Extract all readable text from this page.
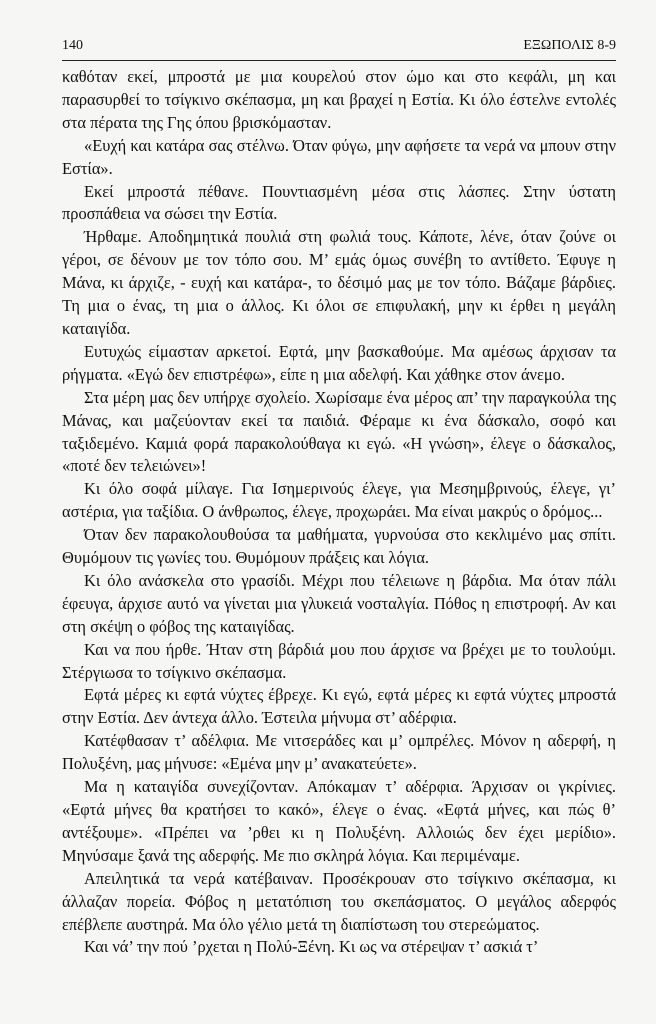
140	ΕΞΩΠΟΛΙΣ 8-9

καθόταν εκεί, μπροστά με μια κουρελού στον ώμο και στο κεφάλι, μη και παρασυρθεί το τσίγκινο σκέπασμα, μη και βραχεί η Εστία. Κι όλο έστελνε εντολές στα πέρατα της Γης όπου βρισκόμασταν.

«Ευχή και κατάρα σας στέλνω. Όταν φύγω, μην αφήσετε τα νερά να μπουν στην Εστία».

Εκεί μπροστά πέθανε. Πουντιασμένη μέσα στις λάσπες. Στην ύστατη προσπάθεια να σώσει την Εστία.

Ήρθαμε. Αποδημητικά πουλιά στη φωλιά τους. Κάποτε, λένε, όταν ζούνε οι γέροι, σε δένουν με τον τόπο σου. Μ’ εμάς όμως συνέβη το αντίθετο. Έφυγε η Μάνα, κι άρχιζε, - ευχή και κατάρα-, το δέσιμό μας με τον τόπο. Βάζαμε βάρδιες. Τη μια ο ένας, τη μια ο άλλος. Κι όλοι σε επιφυλακή, μην κι έρθει η μεγάλη καταιγίδα.

Ευτυχώς είμασταν αρκετοί. Εφτά, μην βασκαθούμε. Μα αμέσως άρχισαν τα ρήγματα. «Εγώ δεν επιστρέφω», είπε η μια αδελφή. Και χάθηκε στον άνεμο.

Στα μέρη μας δεν υπήρχε σχολείο. Χωρίσαμε ένα μέρος απ’ την παραγκούλα της Μάνας, και μαζεύονταν εκεί τα παιδιά. Φέραμε κι ένα δάσκαλο, σοφό και ταξιδεμένο. Καμιά φορά παρακολούθαγα κι εγώ. «Η γνώση», έλεγε ο δάσκαλος, «ποτέ δεν τελειώνει»!

Κι όλο σοφά μίλαγε. Για Ισημερινούς έλεγε, για Μεσημβρινούς, έλεγε, γι’ αστέρια, για ταξίδια. Ο άνθρωπος, έλεγε, προχωράει. Μα είναι μακρύς ο δρόμος...

Όταν δεν παρακολουθούσα τα μαθήματα, γυρνούσα στο κεκλιμένο μας σπίτι. Θυμόμουν τις γωνίες του. Θυμόμουν πράξεις και λόγια.

Κι όλο ανάσκελα στο γρασίδι. Μέχρι που τέλειωνε η βάρδια. Μα όταν πάλι έφευγα, άρχισε αυτό να γίνεται μια γλυκειά νοσταλγία. Πόθος η επιστροφή. Αν και στη σκέψη ο φόβος της καταιγίδας.

Και να που ήρθε. Ήταν στη βάρδιά μου που άρχισε να βρέχει με το τουλούμι. Στέργιωσα το τσίγκινο σκέπασμα.

Εφτά μέρες κι εφτά νύχτες έβρεχε. Κι εγώ, εφτά μέρες κι εφτά νύχτες μπροστά στην Εστία. Δεν άντεχα άλλο. Έστειλα μήνυμα στ’ αδέρφια.

Κατέφθασαν τ’ αδέλφια. Με νιτσεράδες και μ’ ομπρέλες. Μόνον η αδερφή, η Πολυξένη, μας μήνυσε: «Εμένα μην μ’ ανακατεύετε».

Μα η καταιγίδα συνεχίζονταν. Απόκαμαν τ’ αδέρφια. Άρχισαν οι γκρίνιες. «Εφτά μήνες θα κρατήσει το κακό», έλεγε ο ένας. «Εφτά μήνες, και πώς θ’ αντέξουμε». «Πρέπει να ’ρθει κι η Πολυξένη. Αλλοιώς δεν έχει μερίδιο». Μηνύσαμε ξανά της αδερφής. Με πιο σκληρά λόγια. Και περιμέναμε.

Απειλητικά τα νερά κατέβαιναν. Προσέκρουαν στο τσίγκινο σκέπασμα, κι άλλαζαν πορεία. Φόβος η μετατόπιση του σκεπάσματος. Ο μεγάλος αδερφός επέβλεπε αυστηρά. Μα όλο γέλιο μετά τη διαπίστωση του στερεώματος.

Και νά’ την πού ’ρχεται η Πολύ-Ξένη. Κι ως να στέρεψαν τ’ ασκιά τ’
